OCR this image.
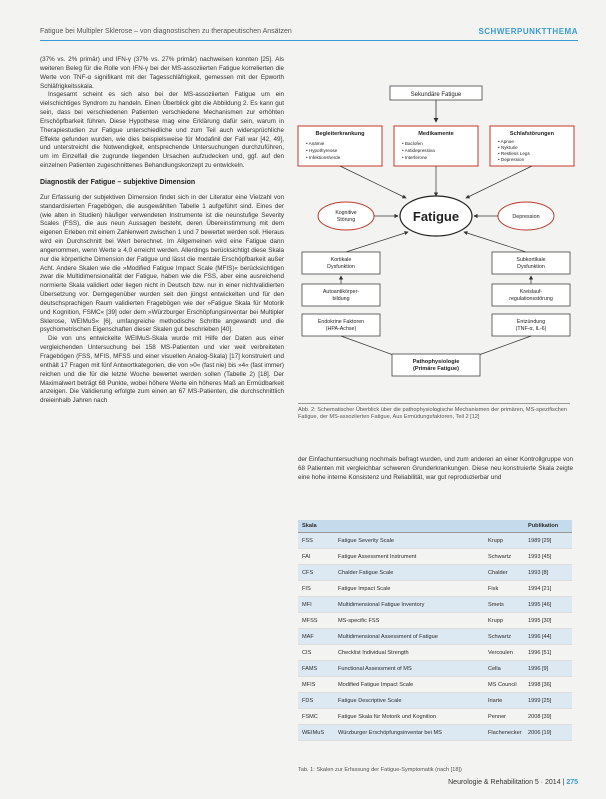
Fatigue bei Multipler Sklerose – von diagnostischen zu therapeutischen Ansätzen	SCHWERPUNKTTHEMA

(37% vs. 2% primär) und IFN-γ (37% vs. 27% primär) nachweisen konnten [25]. Als weiteren Beleg für die Rolle von IFN-γ bei der MS-assoziierten Fatigue korrelierten die Werte von TNF-α signifikant mit der Tagesschläfrigkeit, gemessen mit der Epworth Schläfrigkeitsskala.

Insgesamt scheint es sich also bei der MS-assoziierten Fatigue um ein vielschichtiges Syndrom zu handeln. Einen Überblick gibt die Abbildung 2. Es kann gut sein, dass bei verschiedenen Patienten verschiedene Mechanismen zur erhöhten Erschöpfbarkeit führen. Diese Hypothese mag eine Erklärung dafür sein, warum in Therapiestudien zur Fatigue unterschiedliche und zum Teil auch widersprüchliche Effekte gefunden wurden, wie dies beispielsweise für Modafinil der Fall war [42, 49], und unterstreicht die Notwendigkeit, entsprechende Untersuchungen durchzuführen, um im Einzelfall die zugrunde liegenden Ursachen aufzudecken und, ggf. auf den einzelnen Patienten zugeschnittenes Behandlungskonzept zu entwickeln.

Diagnostik der Fatigue – subjektive Dimension

Zur Erfassung der subjektiven Dimension findet sich in der Literatur eine Vielzahl von standardisierten Fragebögen, die ausgewählten Tabelle 1 aufgeführt sind. Eines der (wie alten in Studien) häufiger verwendeten Instrumente ist die neunstufige Severity Scales (FSS), die aus neun Aussagen besteht, deren Übereinstimmung mit dem eigenen Erleben mit einem Zahlenwert zwischen 1 und 7 bewertet werden soll. Hieraus wird ein Durchschnitt bei Wert berechnet. Im Allgemeinen wird eine Fatigue dann angenommen, wenn Werte ≥ 4,0 erreicht werden. Allerdings berücksichtigt diese Skala nur die körperliche Dimension der Fatigue und lässt die mentale Erschöpfbarkeit außer Acht. Andere Skalen wie die »Modified Fatigue Impact Scale (MFIS)« berücksichtigen zwar die Multidimensionalität der Fatigue, haben wie die FSS, aber eine ausreichend normierte Skala validiert oder liegen nicht in Deutsch bzw. nur in einer nichtvalidierten Übersetzung vor. Demgegenüber wurden seit den jüngst entwickelten und für den deutschsprachigen Raum validierten Fragebögen wie der »Fatigue Skala für Motorik und Kognition, FSMC« [39] oder dem »Würzburger Erschöpfungsinventar bei Multipler Sklerose, WEIMuS« [6], umfangreiche methodische Schritte angewandt und die psychometrischen Eigenschaften dieser Skalen gut beschrieben [40].

Die von uns entwickelte WEIMuS-Skala wurde mit Hilfe der Daten aus einer vergleichenden Untersuchung bei 158 MS-Patienten und vier weit verbreiteten Fragebögen (FSS, MFIS, MFSS und einer visuellen Analog-Skala) [17] konstruiert und enthält 17 Fragen mit fünf Antwortkategorien, die von »0« (fast nie) bis »4« (fast immer) reichen und die für die letzte Woche bewertet werden sollen (Tabelle 2) [18]. Der Maximalwert beträgt 68 Punkte, wobei höhere Werte ein höheres Maß an Ermüdbarkeit anzeigen. Die Validierung erfolgte zum einen an 67 MS-Patienten, die durchschnittlich dreieinhalb Jahren nach

Sekundäre Fatigue
Begleiterkrankung
• Anämie
• Hypothyreose
• Infektionsherde
Medikamente
• Baclofen
• Antidepressiva
• Interferone
Schlafstörungen
• Apnoe
• Nykturie
• Restless Legs
• Depression
Fatigue
Kognitive Störung	Depression
Kortikale Dysfunktion
Subkortikale Dysfunktion
Autoantikörper-bildung
Kreislauf-regulationsstörung
Endokrine Faktoren (HPA-Achse)
Entzündung (TNF-α, IL-6)
Pathophysiologie (Primäre Fatigue)
Abb. 2: Schematischer Überblick über die pathophysiologische Mechanismen der primären, MS-spezifischen Fatigue, der MS-assoziierten Fatigue, Aus Ermüdungsfaktoren, Teil 2 [12]

der Einfachuntersuchung nochmals befragt wurden, und zum anderen an einer Kontrollgruppe von 68 Patienten mit vergleichbar schweren Grunderkrankungen. Diese neu konstruierte Skala zeigte eine hohe interne Konsistenz und Reliabilität, war gut reproduzierbar und

Skala	Publikation
FSS	Fatigue Severity Scale	Krupp	1989 [29]
FAI	Fatigue Assessment Instrument	Schwartz	1993 [45]
CFS	Chalder Fatigue Scale	Chalder	1993 [8]
FIS	Fatigue Impact Scale	Fisk	1994 [21]
MFI	Multidimensional Fatigue Inventory	Smets	1995 [46]
MFSS	MS-specific FSS	Krupp	1995 [30]
MAF	Multidimensional Assessment of Fatigue	Schwartz	1996 [44]
CIS	Checklist Individual Strength	Vercoulen	1996 [51]
FAMS	Functional Assessment of MS	Cella	1996 [9]
MFIS	Modified Fatigue Impact Scale	MS Council	1998 [36]
FDS	Fatigue Descriptive Scale	Iriarte	1999 [25]
FSMC	Fatigue Skala für Motorik und Kognition	Penner	2008 [39]
WEIMuS	Würzburger Erschöpfungsinventar bei MS	Flachenecker	2006 [19]
Tab. 1: Skalen zur Erfassung der Fatigue-Symptomatik (nach [18])
Neurologie & Rehabilitation 5 · 2014 | 275
